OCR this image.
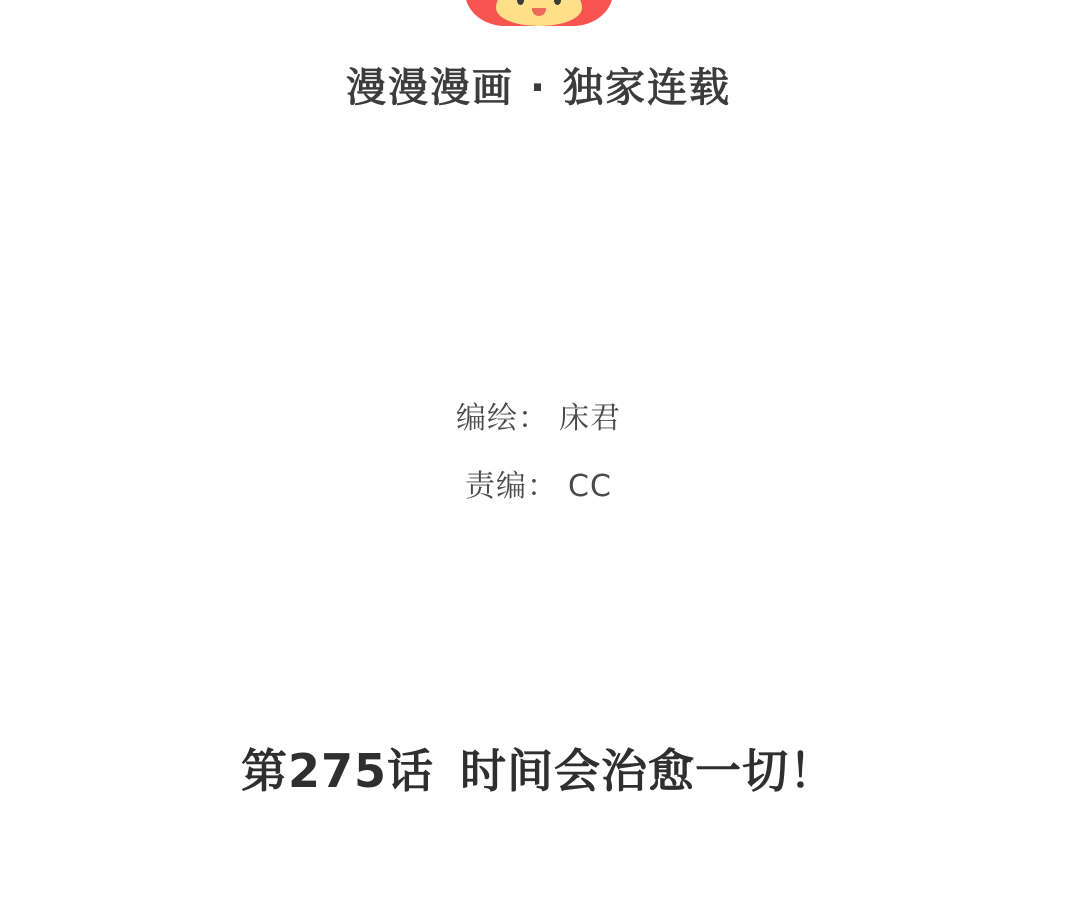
漫漫漫画 · 独家连载
编绘： 床君
责编： CC
第275话 时间会治愈一切！
